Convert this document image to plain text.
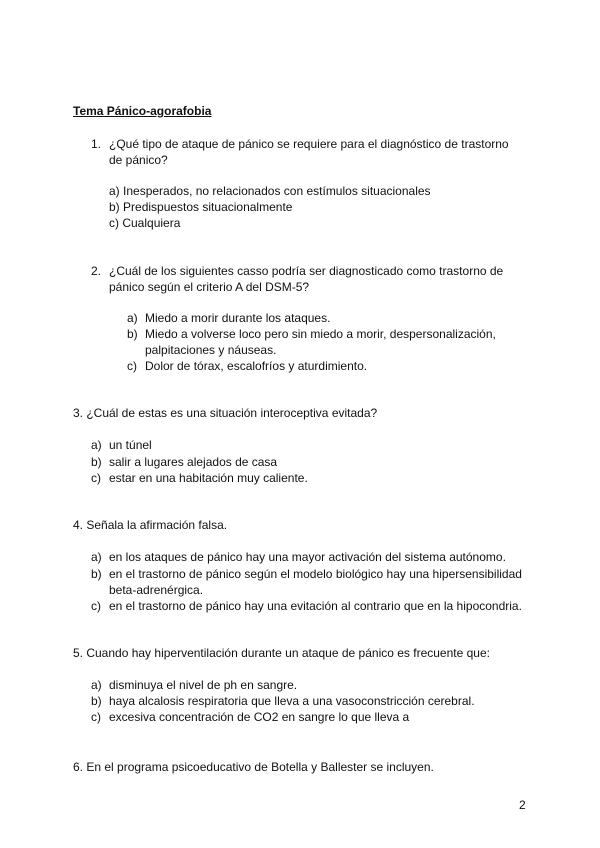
Tema Pánico-agorafobia
1. ¿Qué tipo de ataque de pánico se requiere para el diagnóstico de trastorno
de pánico?
a) Inesperados, no relacionados con estímulos situacionales
b) Predispuestos situacionalmente
c) Cualquiera
2. ¿Cuál de los siguientes casso podría ser diagnosticado como trastorno de
pánico según el criterio A del DSM-5?
a) Miedo a morir durante los ataques.
b) Miedo a volverse loco pero sin miedo a morir, despersonalización,
palpitaciones y náuseas.
c) Dolor de tórax, escalofríos y aturdimiento.
3. ¿Cuál de estas es una situación interoceptiva evitada?
a) un túnel
b) salir a lugares alejados de casa
c) estar en una habitación muy caliente.
4. Señala la afirmación falsa.
a) en los ataques de pánico hay una mayor activación del sistema autónomo.
b) en el trastorno de pánico según el modelo biológico hay una hipersensibilidad
beta-adrenérgica.
c) en el trastorno de pánico hay una evitación al contrario que en la hipocondria.
5. Cuando hay hiperventilación durante un ataque de pánico es frecuente que:
a) disminuya el nivel de ph en sangre.
b) haya alcalosis respiratoria que lleva a una vasoconstricción cerebral.
c) excesiva concentración de CO2 en sangre lo que lleva a
6. En el programa psicoeducativo de Botella y Ballester se incluyen.
2
